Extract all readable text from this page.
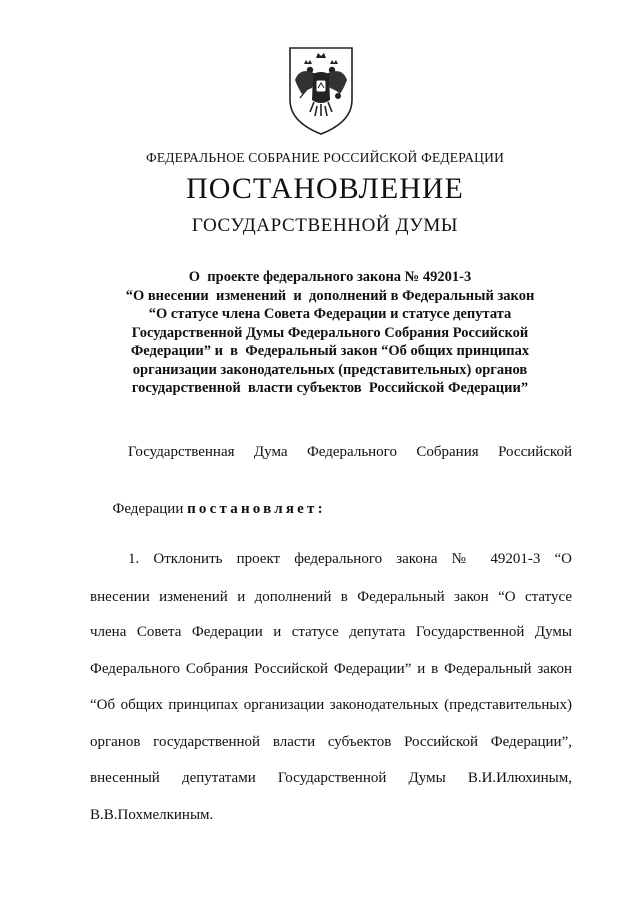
ФЕДЕРАЛЬНОЕ СОБРАНИЕ РОССИЙСКОЙ ФЕДЕРАЦИИ
ПОСТАНОВЛЕНИЕ
ГОСУДАРСТВЕННОЙ ДУМЫ
О  проекте федерального закона № 49201-3
“О внесении  изменений  и  дополнений в Федеральный закон
“О статусе члена Совета Федерации и статусе депутата
Государственной Думы Федерального Собрания Российской
Федерации” и  в  Федеральный закон “Об общих принципах
организации законодательных (представительных) органов
государственной  власти субъектов  Российской Федерации”
Государственная Дума Федерального Собрания Российской

Федерации постановляет:

1. Отклонить проект федерального закона № 49201-3 “О
внесении изменений и дополнений в Федеральный закон “О статусе
члена Совета Федерации и статусе депутата Государственной Думы
Федерального Собрания Российской Федерации” и в Федеральный закон
“Об общих принципах организации законодательных (представительных)
органов государственной власти субъектов Российской Федерации”,
внесенный депутатами Государственной Думы В.И.Илюхиным,
В.В.Похмелкиным.
